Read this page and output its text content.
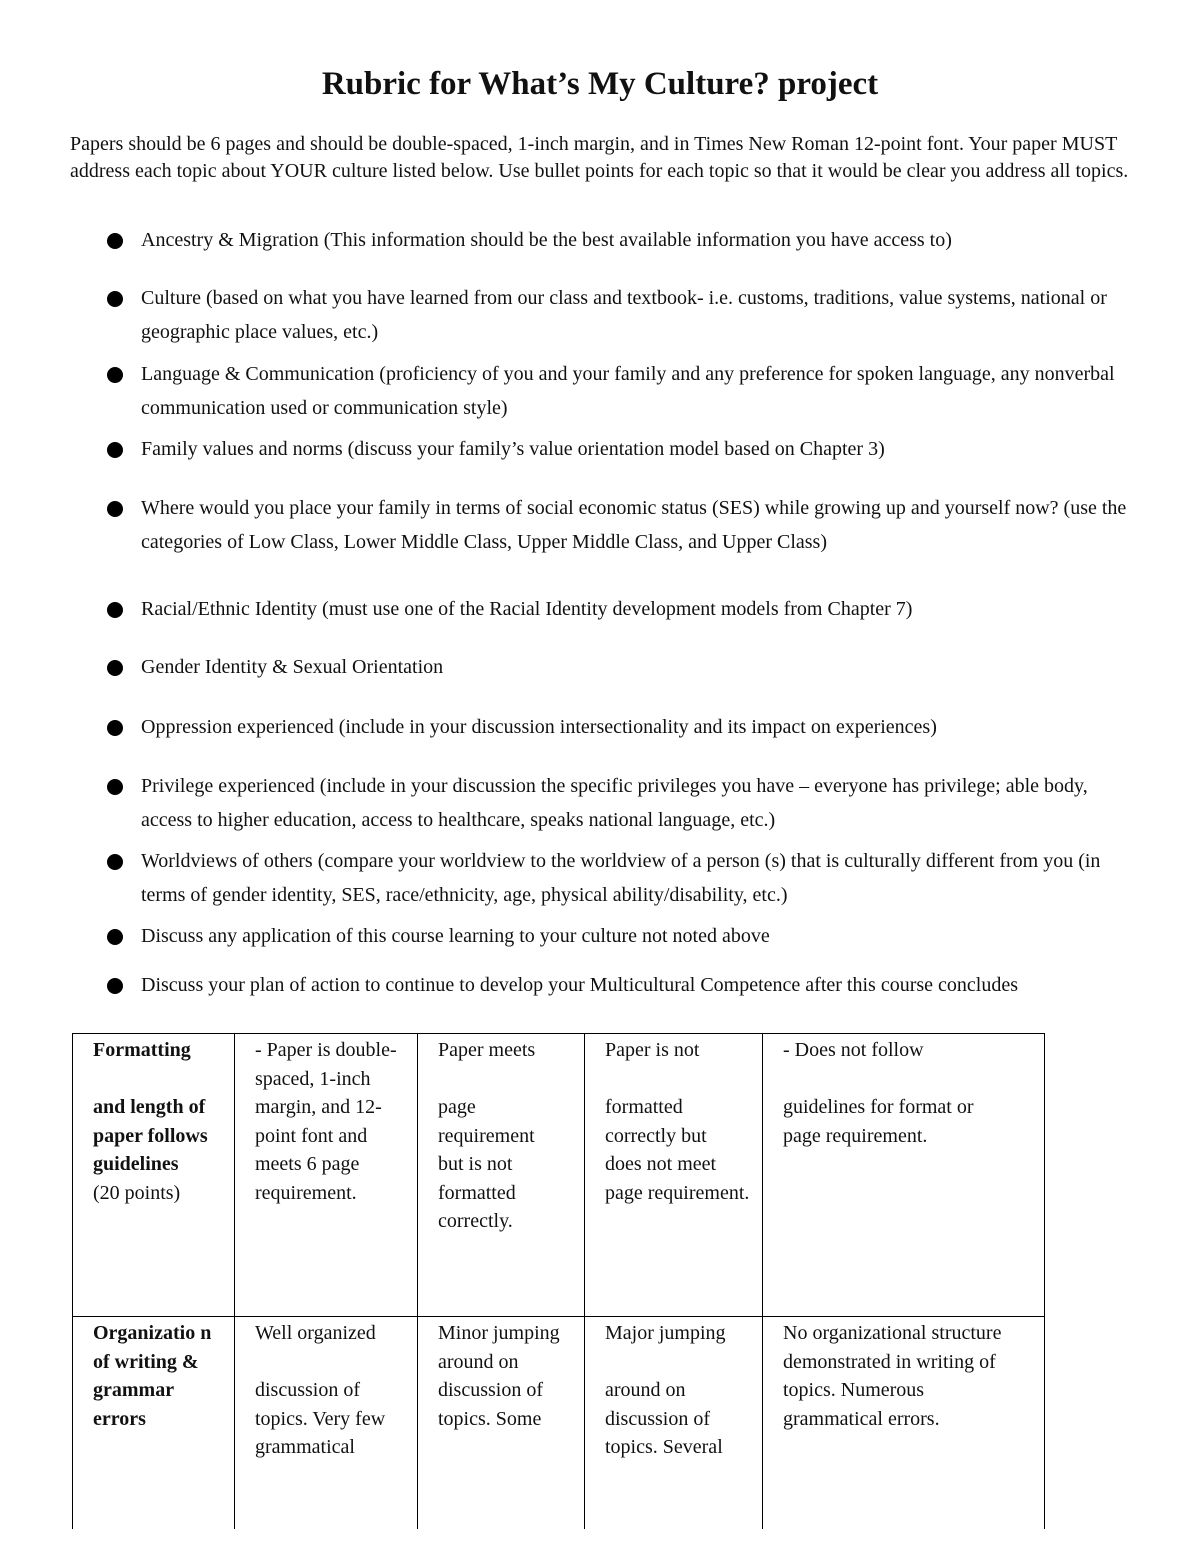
Rubric for What’s My Culture? project

Papers should be 6 pages and should be double-spaced, 1-inch margin, and in Times New Roman 12-point font. Your paper MUST address each topic about YOUR culture listed below. Use bullet points for each topic so that it would be clear you address all topics.

Ancestry & Migration (This information should be the best available information you have access to)
Culture (based on what you have learned from our class and textbook- i.e. customs, traditions, value systems, national or geographic place values, etc.)
Language & Communication (proficiency of you and your family and any preference for spoken language, any nonverbal communication used or communication style)
Family values and norms (discuss your family’s value orientation model based on Chapter 3)
Where would you place your family in terms of social economic status (SES) while growing up and yourself now? (use the categories of Low Class, Lower Middle Class, Upper Middle Class, and Upper Class)
Racial/Ethnic Identity (must use one of the Racial Identity development models from Chapter 7)
Gender Identity & Sexual Orientation
Oppression experienced (include in your discussion intersectionality and its impact on experiences)
Privilege experienced (include in your discussion the specific privileges you have – everyone has privilege; able body, access to higher education, access to healthcare, speaks national language, etc.)
Worldviews of others (compare your worldview to the worldview of a person (s) that is culturally different from you (in terms of gender identity, SES, race/ethnicity, age, physical ability/disability, etc.)
Discuss any application of this course learning to your culture not noted above
Discuss your plan of action to continue to develop your Multicultural Competence after this course concludes
Formatting

and length of
paper follows
guidelines
(20 points)	- Paper is double-
spaced, 1-inch
margin, and 12-
point font and meets 6 page requirement.	Paper meets

page
requirement
but is not formatted correctly.	Paper is not

formatted
correctly but
does not meet page requirement.	- Does not follow

guidelines for format or
page requirement.

Organizatio n
of writing &
grammar
errors	Well organized

discussion of
topics. Very few
grammatical	Minor jumping
around on
discussion of
topics. Some	Major jumping

around on
discussion of
topics. Several	No organizational structure
demonstrated in writing of
topics. Numerous
grammatical errors.
